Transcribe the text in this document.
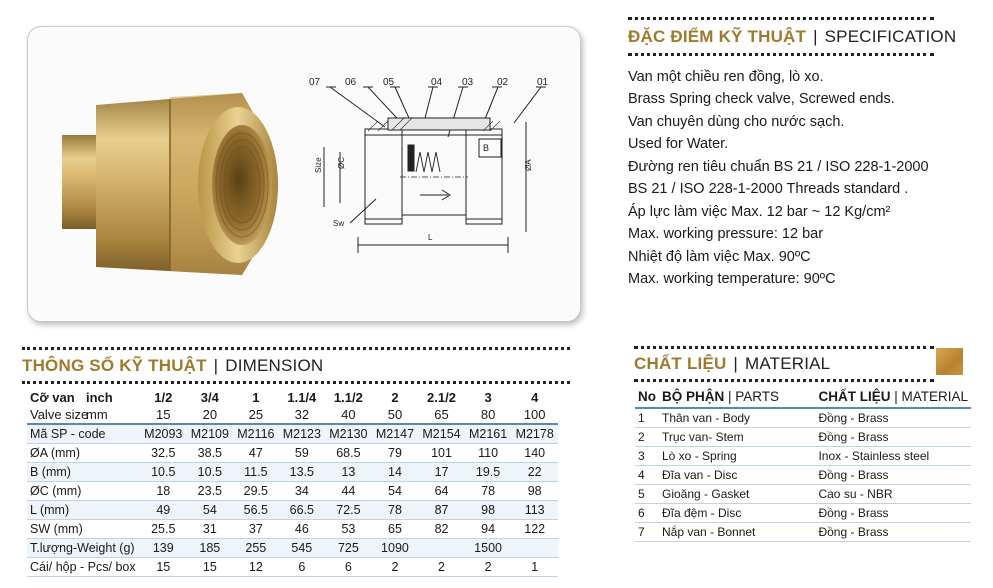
07 06	05	04 03 02	01
Size ØC
B
ØA
Sw
L
ĐẶC ĐIỂM KỸ THUẬT | SPECIFICATION
Van một chiều ren đồng, lò xo.
Brass Spring check valve, Screwed ends.
Van chuyên dùng cho nước sạch.
Used for Water.
Đường ren tiêu chuẩn BS 21 / ISO 228-1-2000
BS 21 / ISO 228-1-2000 Threads standard .
Áp lực làm việc Max. 12 bar ~ 12 Kg/cm²
Max. working pressure: 12 bar
Nhiệt độ làm việc Max. 90ºC
Max. working temperature: 90ºC
THÔNG SỐ KỸ THUẬT | DIMENSION
Cỡ van inch	1/2	3/4	1	1.1/4	1.1/2	2	2.1/2	3	4
Valve sizemm	15	20	25	32	40	50	65	80	100
Mã SP - code	M2093	M2109	M2116	M2123	M2130	M2147	M2154	M2161	M2178
ØA (mm)	32.5	38.5	47	59	68.5	79	101	110	140
B (mm)	10.5	10.5	11.5	13.5	13	14	17	19.5	22
ØC (mm)	18	23.5	29.5	34	44	54	64	78	98
L (mm)	49	54	56.5	66.5	72.5	78	87	98	113
SW (mm)	25.5	31	37	46	53	65	82	94	122
T.lượng-Weight (g)	139	185	255	545	725	1090		1500	
Cái/ hộp - Pcs/ box	15	15	12	6	6	2	2	2	1
CHẤT LIỆU | MATERIAL
No	BỘ PHẬN | PARTS	CHẤT LIỆU | MATERIAL
1	Thân van - Body	Đồng - Brass
2	Trục van- Stem	Đồng - Brass
3	Lò xo - Spring	Inox - Stainless steel
4	Đĩa van - Disc	Đồng - Brass
5	Gioăng - Gasket	Cao su - NBR
6	Đĩa đệm - Disc	Đồng - Brass
7	Nắp van - Bonnet	Đồng - Brass
